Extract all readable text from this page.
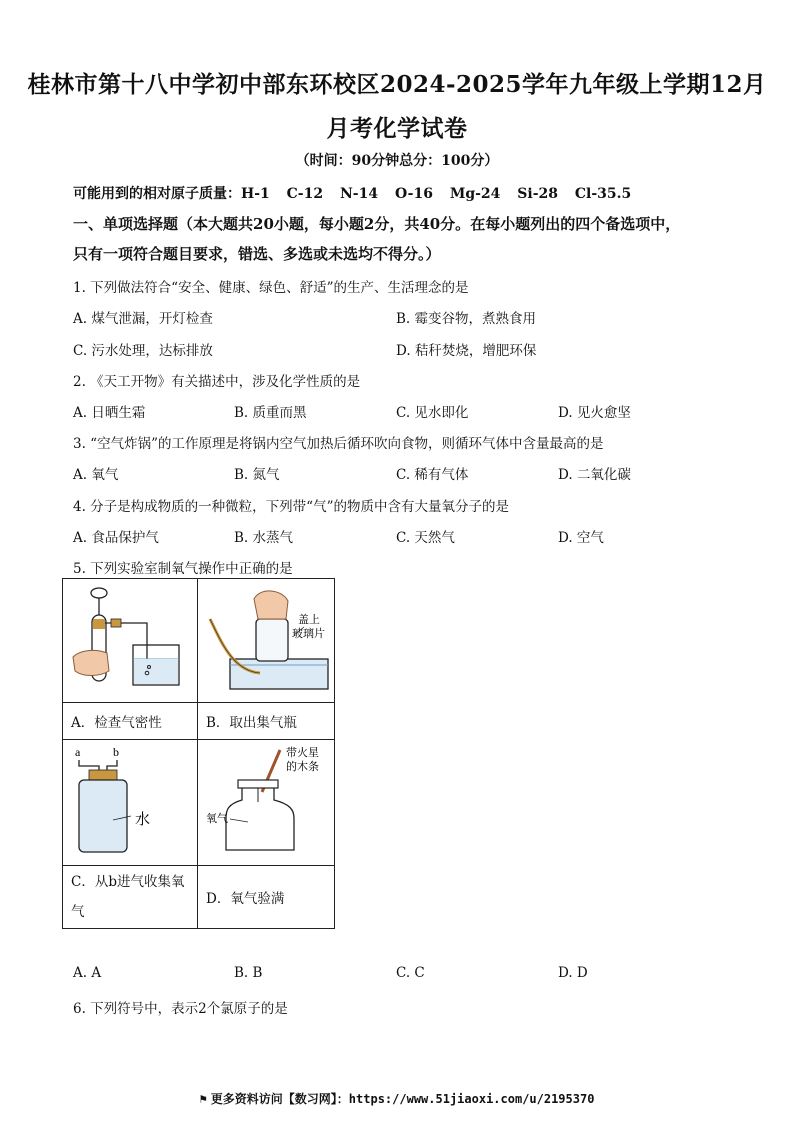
桂林市第十八中学初中部东环校区2024-2025学年九年级上学期12月
月考化学试卷
（时间：90分钟总分：100分）
可能用到的相对原子质量：H-1 C-12 N-14 O-16 Mg-24 Si-28 Cl-35.5
一、单项选择题（本大题共20小题，每小题2分，共40分。在每小题列出的四个备选项中，
只有一项符合题目要求，错选、多选或未选均不得分。）
1. 下列做法符合“安全、健康、绿色、舒适”的生产、生活理念的是
A. 煤气泄漏，开灯检查	B. 霉变谷物，煮熟食用
C. 污水处理，达标排放	D. 秸秆焚烧，增肥环保
2. 《天工开物》有关描述中，涉及化学性质的是
A. 日晒生霜	B. 质重而黑	C. 见水即化	D. 见火愈坚
3. “空气炸锅”的工作原理是将锅内空气加热后循环吹向食物，则循环气体中含量最高的是
A. 氧气	B. 氮气	C. 稀有气体	D. 二氧化碳
4. 分子是构成物质的一种微粒，下列带“气”的物质中含有大量氧分子的是
A. 食品保护气	B. 水蒸气	C. 天然气	D. 空气
5. 下列实验室制氧气操作中正确的是

盖上
玻璃片

A．检查气密性	B．取出集气瓶

a b
水	带火星
的木条
氧气

C．从b进气收集氧
气	D．氧气验满
A. A	B. B	C. C	D. D
6. 下列符号中，表示2个氯原子的是
⚑ 更多资料访问【数习网】：https://www.51jiaoxi.com/u/2195370
